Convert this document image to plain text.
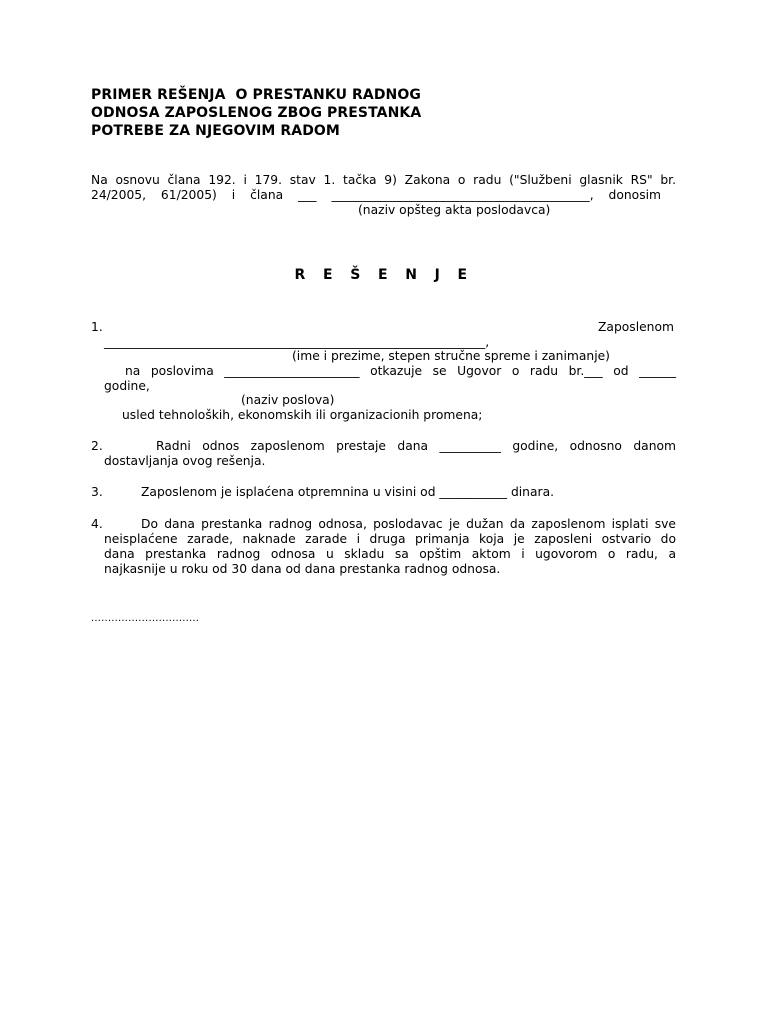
PRIMER REŠENJA  O PRESTANKU RADNOG
ODNOSA ZAPOSLENOG ZBOG PRESTANKA
POTREBE ZA NJEGOVIM RADOM
Na osnovu člana 192. i 179. stav 1. tačka 9) Zakona o radu ("Službeni glasnik RS" br.
24/2005, 61/2005) i člana ___ __________________________________________, donosim
(naziv opšteg akta poslodavca)
R E Š E N J E
1.	Zaposlenom
______________________________________________________________,
(ime i prezime, stepen stručne spreme i zanimanje)
na poslovima ______________________ otkazuje se Ugovor o radu br.___ od ______
godine,
(naziv poslova)
usled tehnoloških, ekonomskih ili organizacionih promena;
2.	Radni odnos zaposlenom prestaje dana __________ godine, odnosno danom
dostavljanja ovog rešenja.
3.	Zaposlenom je isplaćena otpremnina u visini od ___________ dinara.
4.	Do dana prestanka radnog odnosa, poslodavac je dužan da zaposlenom isplati sve
neisplaćene zarade, naknade zarade i druga primanja koja je zaposleni ostvario do
dana prestanka radnog odnosa u skladu sa opštim aktom i ugovorom o radu, a
najkasnije u roku od 30 dana od dana prestanka radnog odnosa.
................................
